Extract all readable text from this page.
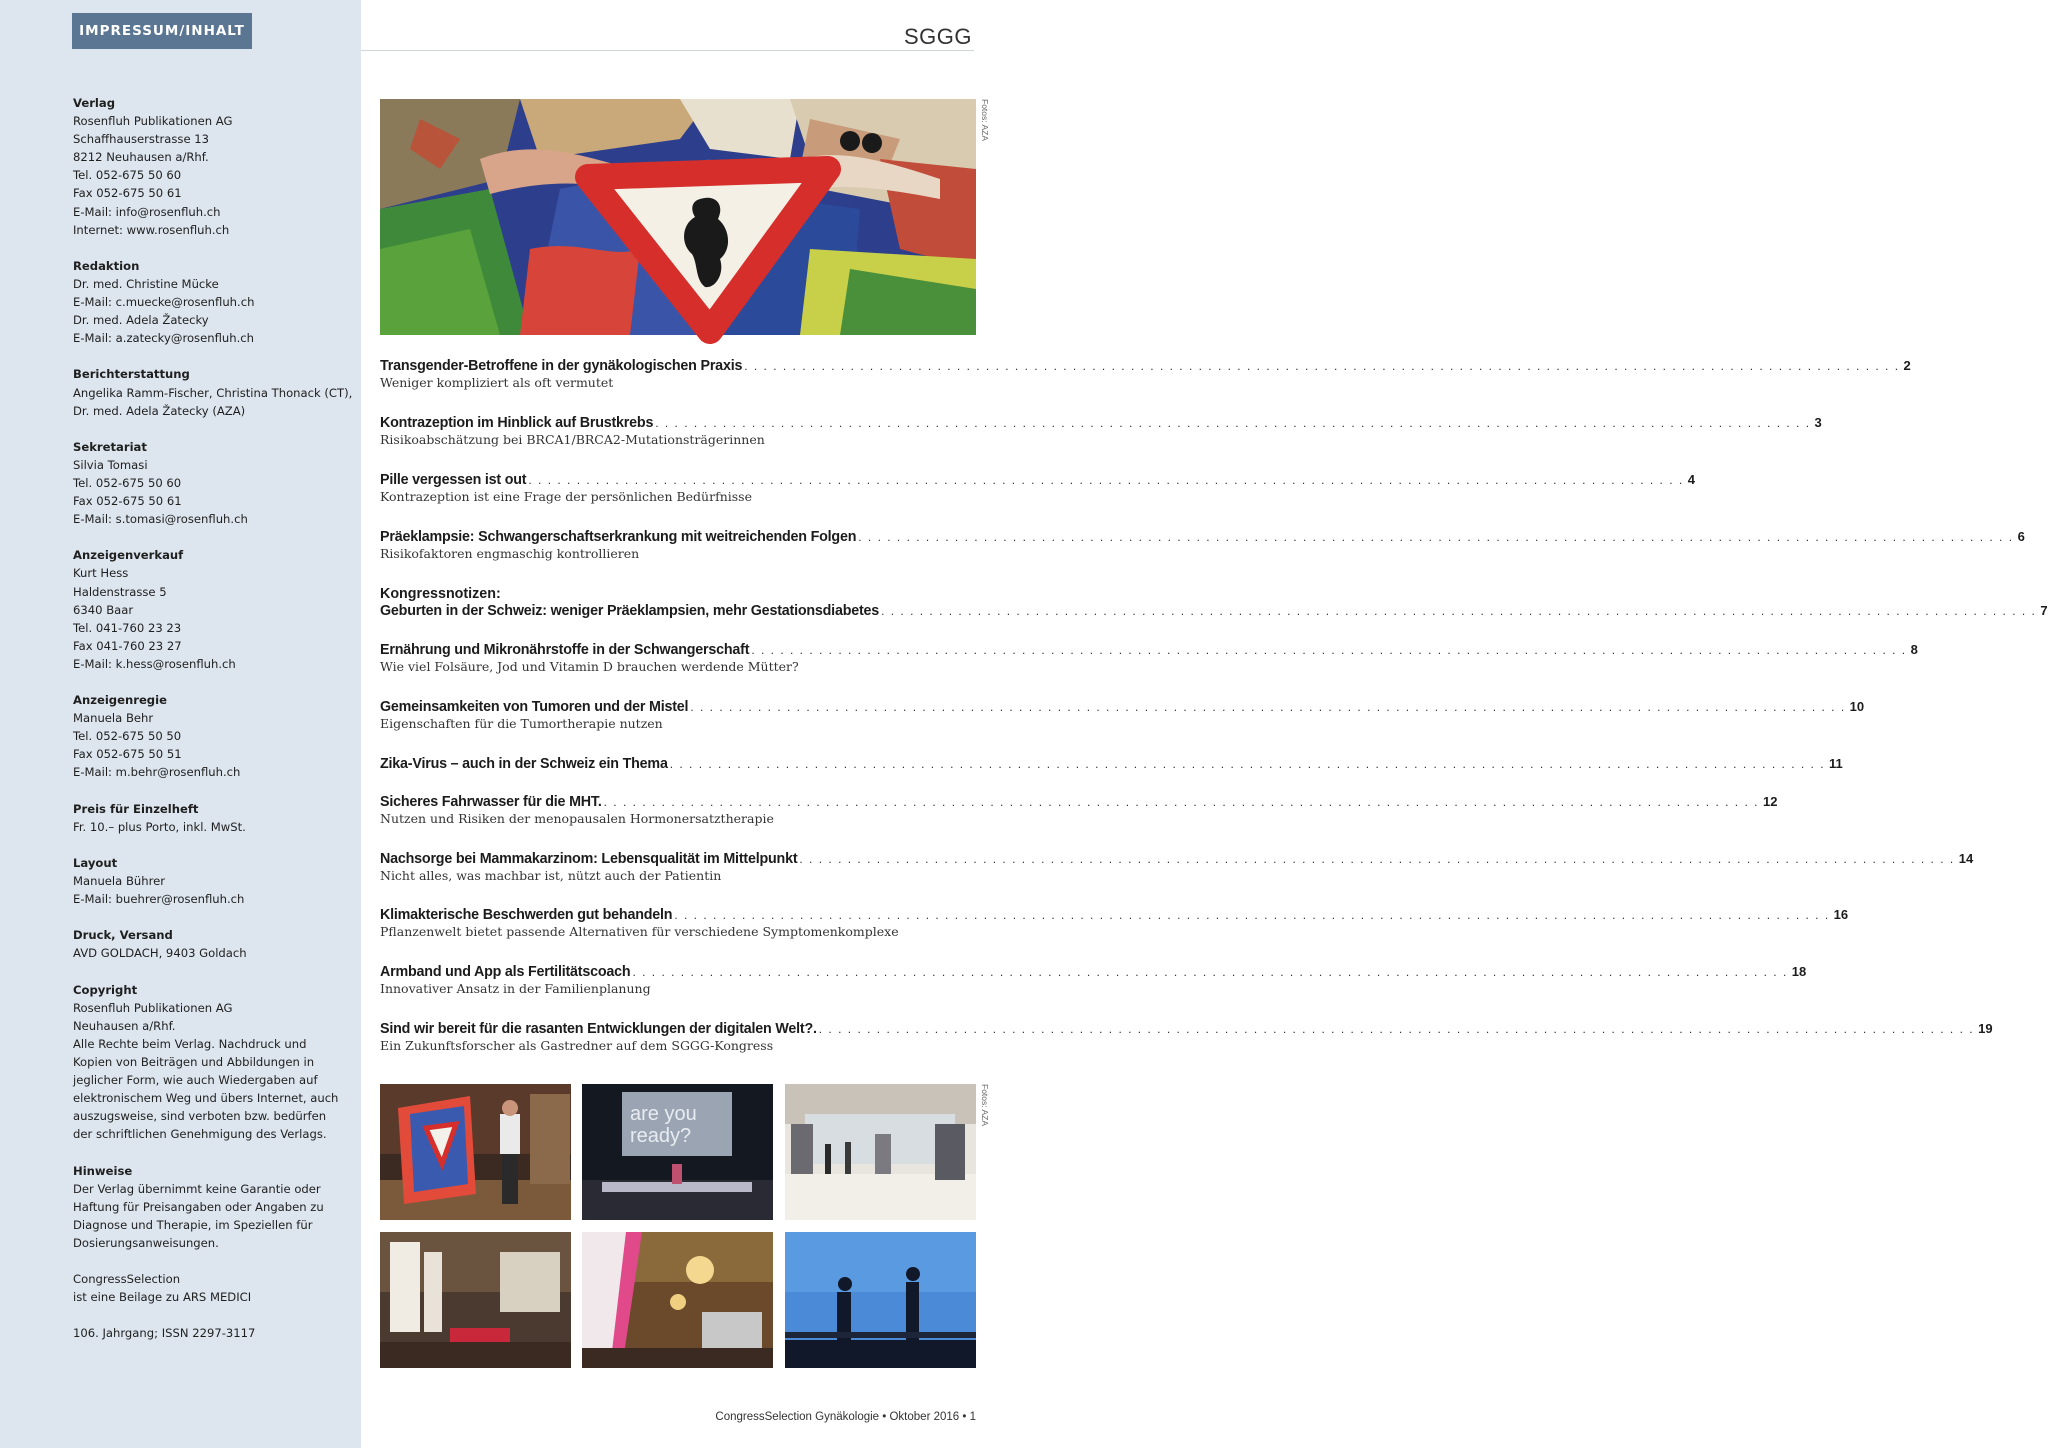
IMPRESSUM/INHALT	SGGG
Verlag
Rosenfluh Publikationen AG
Schaffhauserstrasse 13
8212 Neuhausen a/Rhf.
Tel. 052-675 50 60
Fax 052-675 50 61
E-Mail: info@rosenfluh.ch
Internet: www.rosenfluh.ch
Redaktion
Dr. med. Christine Mücke
E-Mail: c.muecke@rosenfluh.ch
Dr. med. Adela Žatecky
E-Mail: a.zatecky@rosenfluh.ch
Berichterstattung
Angelika Ramm-Fischer, Christina Thonack (CT),
Dr. med. Adela Žatecky (AZA)
Sekretariat
Silvia Tomasi
Tel. 052-675 50 60
Fax 052-675 50 61
E-Mail: s.tomasi@rosenfluh.ch
Anzeigenverkauf
Kurt Hess
Haldenstrasse 5
6340 Baar
Tel. 041-760 23 23
Fax 041-760 23 27
E-Mail: k.hess@rosenfluh.ch
Anzeigenregie
Manuela Behr
Tel. 052-675 50 50
Fax 052-675 50 51
E-Mail: m.behr@rosenfluh.ch
Preis für Einzelheft
Fr. 10.– plus Porto, inkl. MwSt.
Layout
Manuela Bührer
E-Mail: buehrer@rosenfluh.ch
Druck, Versand
AVD GOLDACH, 9403 Goldach
Copyright
Rosenfluh Publikationen AG
Neuhausen a/Rhf.
Alle Rechte beim Verlag. Nachdruck und
Kopien von Beiträgen und Abbildungen in
jeglicher Form, wie auch Wiedergaben auf
elektronischem Weg und übers Internet, auch
auszugsweise, sind verboten bzw. bedürfen
der schriftlichen Genehmigung des Verlags.
Hinweise
Der Verlag übernimmt keine Garantie oder
Haftung für Preisangaben oder Angaben zu
Diagnose und Therapie, im Speziellen für
Dosierungsanweisungen.
CongressSelection
ist eine Beilage zu ARS MEDICI
106. Jahrgang; ISSN 2297-3117
Fotos: AZA
Transgender-Betroffene in der gynäkologischen Praxis . . . . . . . . . . . . . . . . . . . . . . . . . . . . . . . . . . . . . . . . . . . . . . . . . . . . . . . . . . . . . . . . . . . . . . . . . . . . . . . . . . . . . . . . . . . . . . . . . . . . . . . . . . . . . . . . . . . . . . . . 2
Weniger kompliziert als oft vermutet
Kontrazeption im Hinblick auf Brustkrebs . . . . . . . . . . . . . . . . . . . . . . . . . . . . . . . . . . . . . . . . . . . . . . . . . . . . . . . . . . . . . . . . . . . . . . . . . . . . . . . . . . . . . . . . . . . . . . . . . . . . . . . . . . . . . . . . . . . . . . . . 3
Risikoabschätzung bei BRCA1/BRCA2-Mutationsträgerinnen
Pille vergessen ist out . . . . . . . . . . . . . . . . . . . . . . . . . . . . . . . . . . . . . . . . . . . . . . . . . . . . . . . . . . . . . . . . . . . . . . . . . . . . . . . . . . . . . . . . . . . . . . . . . . . . . . . . . . . . . . . . . . . . . . . . 4
Kontrazeption ist eine Frage der persönlichen Bedürfnisse
Präeklampsie: Schwangerschaftserkrankung mit weitreichenden Folgen . . . . . . . . . . . . . . . . . . . . . . . . . . . . . . . . . . . . . . . . . . . . . . . . . . . . . . . . . . . . . . . . . . . . . . . . . . . . . . . . . . . . . . . . . . . . . . . . . . . . . . . . . . . . . . . . . . . . . . . . 6
Risikofaktoren engmaschig kontrollieren
Kongressnotizen:
Geburten in der Schweiz: weniger Präeklampsien, mehr Gestationsdiabetes . . . . . . . . . . . . . . . . . . . . . . . . . . . . . . . . . . . . . . . . . . . . . . . . . . . . . . . . . . . . . . . . . . . . . . . . . . . . . . . . . . . . . . . . . . . . . . . . . . . . . . . . . . . . . . . . . . . . . . . . 7
Ernährung und Mikronährstoffe in der Schwangerschaft . . . . . . . . . . . . . . . . . . . . . . . . . . . . . . . . . . . . . . . . . . . . . . . . . . . . . . . . . . . . . . . . . . . . . . . . . . . . . . . . . . . . . . . . . . . . . . . . . . . . . . . . . . . . . . . . . . . . . . . . 8
Wie viel Folsäure, Jod und Vitamin D brauchen werdende Mütter?
Gemeinsamkeiten von Tumoren und der Mistel . . . . . . . . . . . . . . . . . . . . . . . . . . . . . . . . . . . . . . . . . . . . . . . . . . . . . . . . . . . . . . . . . . . . . . . . . . . . . . . . . . . . . . . . . . . . . . . . . . . . . . . . . . . . . . . . . . . . . . . . 10
Eigenschaften für die Tumortherapie nutzen
Zika-Virus – auch in der Schweiz ein Thema . . . . . . . . . . . . . . . . . . . . . . . . . . . . . . . . . . . . . . . . . . . . . . . . . . . . . . . . . . . . . . . . . . . . . . . . . . . . . . . . . . . . . . . . . . . . . . . . . . . . . . . . . . . . . . . . . . . . . . . . 11
Sicheres Fahrwasser für die MHT. . . . . . . . . . . . . . . . . . . . . . . . . . . . . . . . . . . . . . . . . . . . . . . . . . . . . . . . . . . . . . . . . . . . . . . . . . . . . . . . . . . . . . . . . . . . . . . . . . . . . . . . . . . . . . . . . . . . . . . . . 12
Nutzen und Risiken der menopausalen Hormonersatztherapie
Nachsorge bei Mammakarzinom: Lebensqualität im Mittelpunkt . . . . . . . . . . . . . . . . . . . . . . . . . . . . . . . . . . . . . . . . . . . . . . . . . . . . . . . . . . . . . . . . . . . . . . . . . . . . . . . . . . . . . . . . . . . . . . . . . . . . . . . . . . . . . . . . . . . . . . . . 14
Nicht alles, was machbar ist, nützt auch der Patientin
Klimakterische Beschwerden gut behandeln . . . . . . . . . . . . . . . . . . . . . . . . . . . . . . . . . . . . . . . . . . . . . . . . . . . . . . . . . . . . . . . . . . . . . . . . . . . . . . . . . . . . . . . . . . . . . . . . . . . . . . . . . . . . . . . . . . . . . . . . 16
Pflanzenwelt bietet passende Alternativen für verschiedene Symptomenkomplexe
Armband und App als Fertilitätscoach . . . . . . . . . . . . . . . . . . . . . . . . . . . . . . . . . . . . . . . . . . . . . . . . . . . . . . . . . . . . . . . . . . . . . . . . . . . . . . . . . . . . . . . . . . . . . . . . . . . . . . . . . . . . . . . . . . . . . . . . 18
Innovativer Ansatz in der Familienplanung
Sind wir bereit für die rasanten Entwicklungen der digitalen Welt?. . . . . . . . . . . . . . . . . . . . . . . . . . . . . . . . . . . . . . . . . . . . . . . . . . . . . . . . . . . . . . . . . . . . . . . . . . . . . . . . . . . . . . . . . . . . . . . . . . . . . . . . . . . . . . . . . . . . . . . . . 19
Ein Zukunftsforscher als Gastredner auf dem SGGG-Kongress
are you
ready?
Fotos: AZA
CongressSelection Gynäkologie • Oktober 2016 • 1
